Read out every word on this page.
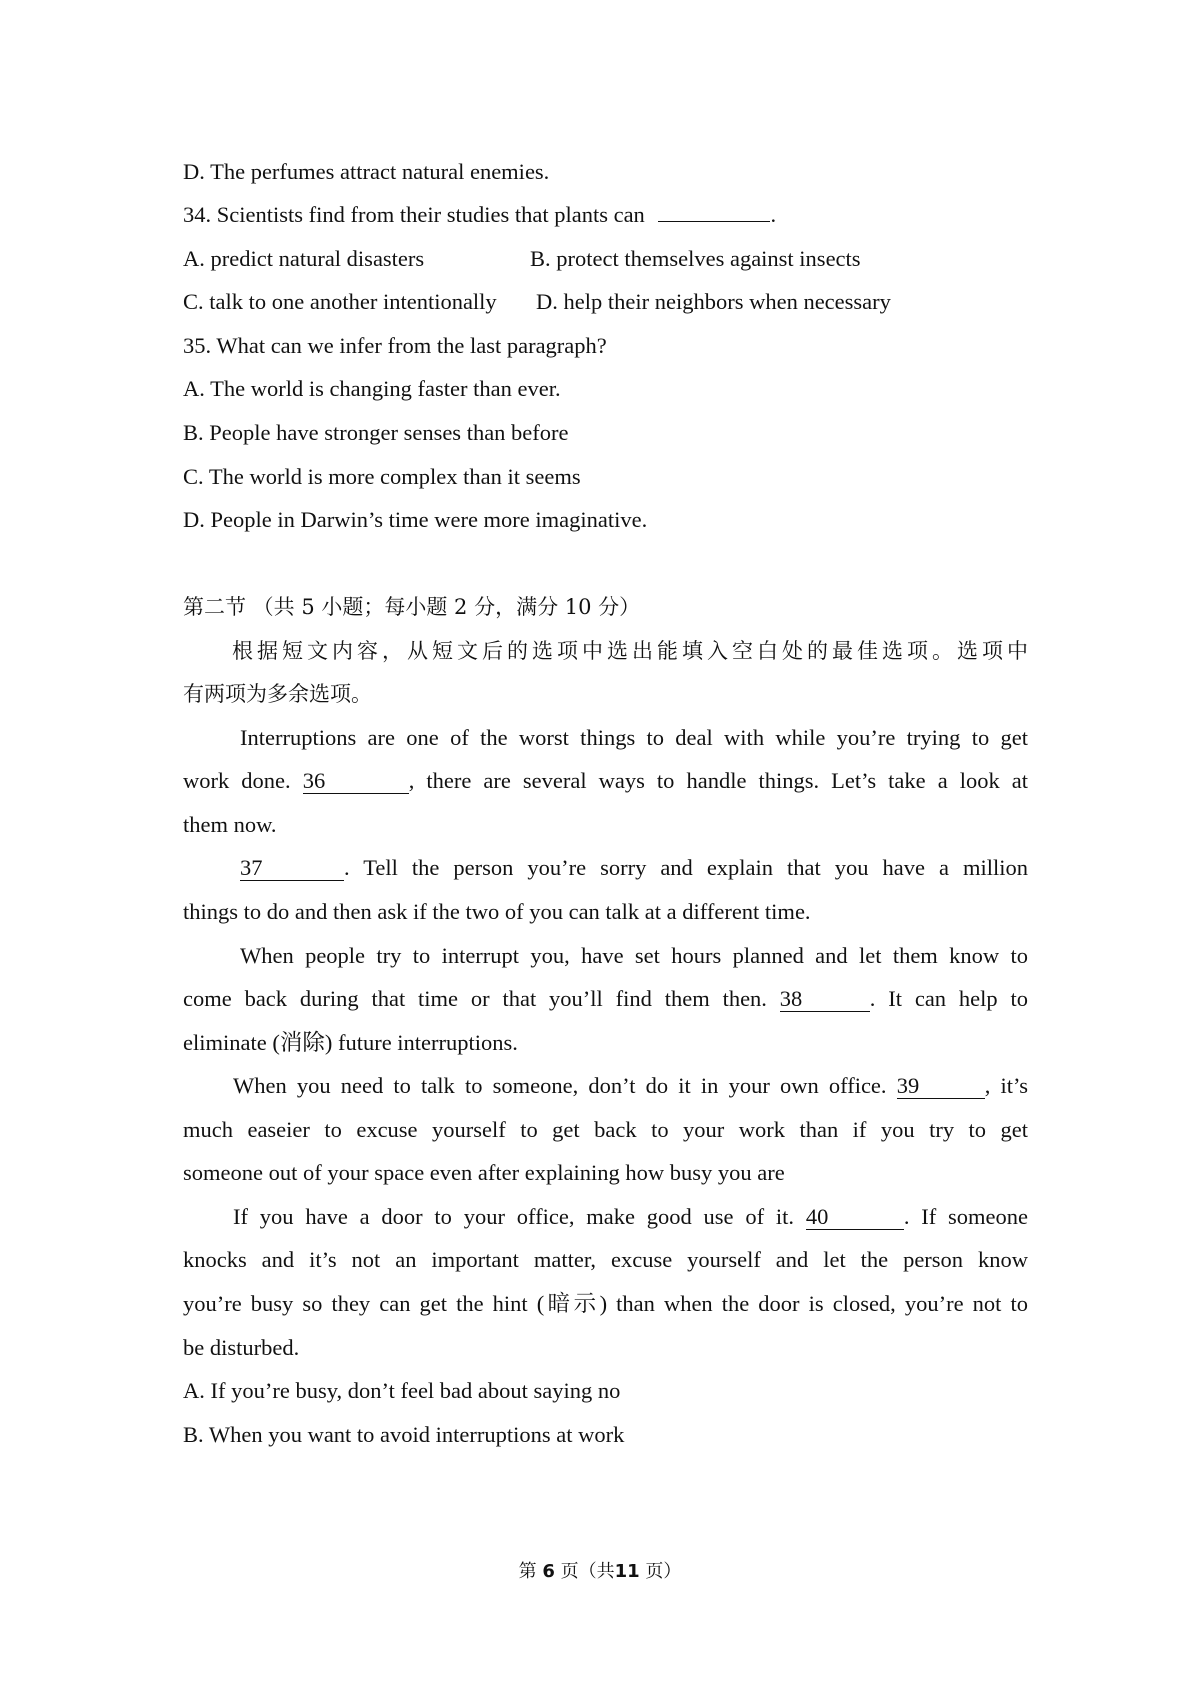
D. The perfumes attract natural enemies.
34. Scientists find from their studies that plants can	.
A. predict natural disasters	B. protect themselves against insects
C. talk to one another intentionally D. help their neighbors when necessary
35. What can we infer from the last paragraph?
A. The world is changing faster than ever.
B. People have stronger senses than before
C. The world is more complex than it seems
D. People in Darwin’s time were more imaginative.
第二节 （共 5 小题；每小题 2 分，满分 10 分）
根据短文内容，从短文后的选项中选出能填入空白处的最佳选项。选项中
有两项为多余选项。
Interruptions are one of the worst things to deal with while you’re trying to get
work done. 36	, there are several ways to handle things. Let’s take a look at
them now.
37	. Tell the person you’re sorry and explain that you have a million
things to do and then ask if the two of you can talk at a different time.
When people try to interrupt you, have set hours planned and let them know to
come back during that time or that you’ll find them then. 38	. It can help to
eliminate (消除) future interruptions.
When you need to talk to someone, don’t do it in your own office. 39	, it’s
much easeier to excuse yourself to get back to your work than if you try to get
someone out of your space even after explaining how busy you are
If you have a door to your office, make good use of it. 40	. If someone
knocks and it’s not an important matter, excuse yourself and let the person know
you’re busy so they can get the hint (暗示) than when the door is closed, you’re not to
be disturbed.
A. If you’re busy, don’t feel bad about saying no
B. When you want to avoid interruptions at work
第 6 页（共11 页）
